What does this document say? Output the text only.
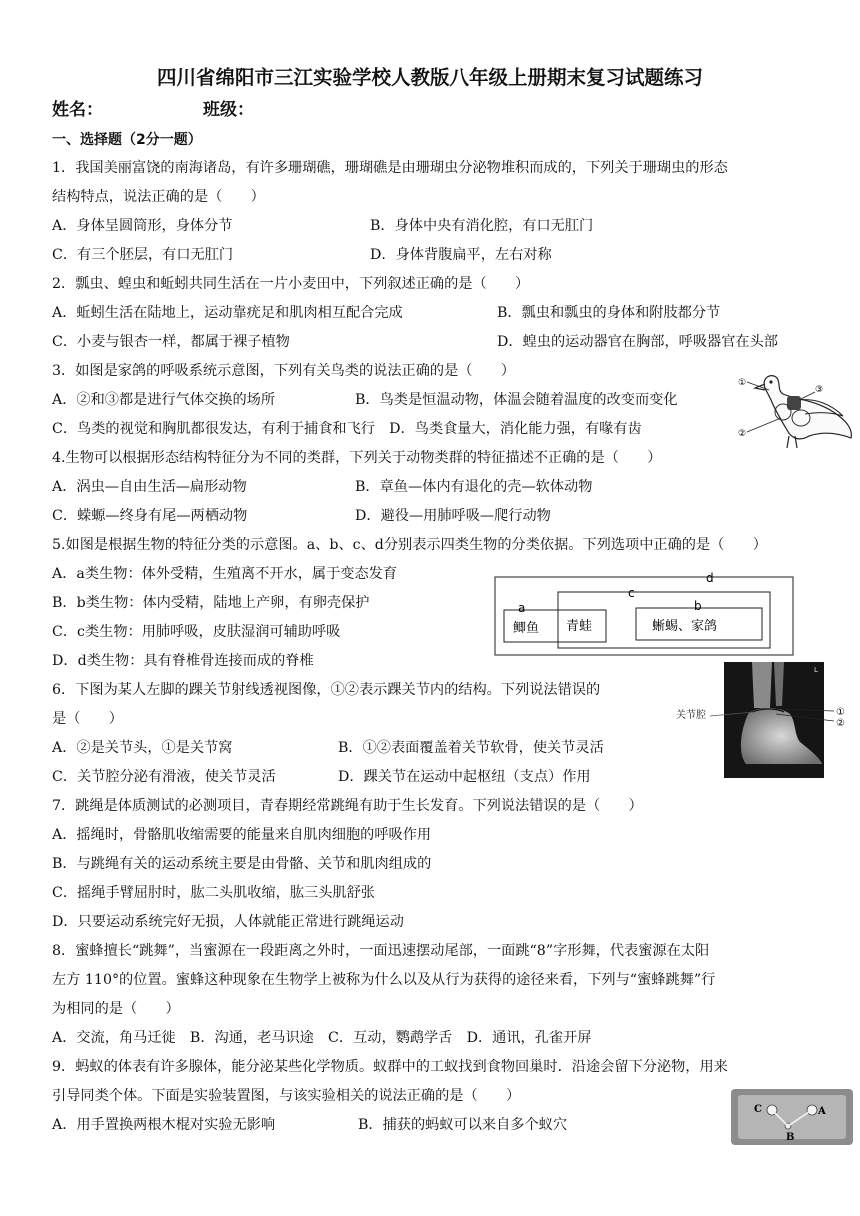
四川省绵阳市三江实验学校人教版八年级上册期末复习试题练习
姓名：	班级：
一、选择题（2分一题）
1．我国美丽富饶的南海诸岛，有许多珊瑚礁，珊瑚礁是由珊瑚虫分泌物堆积而成的，下列关于珊瑚虫的形态
结构特点，说法正确的是（　　）
A．身体呈圆筒形，身体分节	B．身体中央有消化腔，有口无肛门
C．有三个胚层，有口无肛门	D．身体背腹扁平，左右对称
2．瓢虫、蝗虫和蚯蚓共同生活在一片小麦田中，下列叙述正确的是（　　）
A．蚯蚓生活在陆地上，运动靠疣足和肌肉相互配合完成	B．瓢虫和瓢虫的身体和附肢都分节
C．小麦与银杏一样，都属于裸子植物	D．蝗虫的运动器官在胸部，呼吸器官在头部
3．如图是家鸽的呼吸系统示意图，下列有关鸟类的说法正确的是（　　）
A．②和③都是进行气体交换的场所	B．鸟类是恒温动物，体温会随着温度的改变而变化
C．鸟类的视觉和胸肌都很发达，有利于捕食和飞行　D．鸟类食量大，消化能力强，有喙有齿
①
②
③
4.生物可以根据形态结构特征分为不同的类群，下列关于动物类群的特征描述不正确的是（　　）
A．涡虫—自由生活—扁形动物	B．章鱼—体内有退化的壳—软体动物
C．蝾螈—终身有尾—两栖动物	D．避役—用肺呼吸—爬行动物
5.如图是根据生物的特征分类的示意图。a、b、c、d分别表示四类生物的分类依据。下列选项中正确的是（　　）
A．a类生物：体外受精，生殖离不开水，属于变态发育
B．b类生物：体内受精，陆地上产卵，有卵壳保护
C．c类生物：用肺呼吸，皮肤湿润可辅助呼吸
D．d类生物：具有脊椎骨连接而成的脊椎
d
c
a	b
鲫鱼 青蛙	蜥蜴、家鸽
6．下图为某人左脚的踝关节射线透视图像，①②表示踝关节内的结构。下列说法错误的
是（　　）
A．②是关节头，①是关节窝	B．①②表面覆盖着关节软骨，使关节灵活
C．关节腔分泌有滑液，使关节灵活	D．踝关节在运动中起枢纽（支点）作用
关节腔
L
①
②
7．跳绳是体质测试的必测项目，青春期经常跳绳有助于生长发育。下列说法错误的是（　　）
A．摇绳时，骨骼肌收缩需要的能量来自肌肉细胞的呼吸作用
B．与跳绳有关的运动系统主要是由骨骼、关节和肌肉组成的
C．摇绳手臂屈肘时，肱二头肌收缩，肱三头肌舒张
D．只要运动系统完好无损，人体就能正常进行跳绳运动
8．蜜蜂擅长“跳舞”，当蜜源在一段距离之外时，一面迅速摆动尾部，一面跳“8”字形舞，代表蜜源在太阳
左方 110°的位置。蜜蜂这种现象在生物学上被称为什么以及从行为获得的途径来看，下列与“蜜蜂跳舞”行
为相同的是（　　）
A．交流，角马迁徙　B．沟通，老马识途　C．互动，鹦鹉学舌　D．通讯，孔雀开屏
9．蚂蚁的体表有许多腺体，能分泌某些化学物质。蚁群中的工蚁找到食物回巢时．沿途会留下分泌物，用来
引导同类个体。下面是实验装置图，与该实验相关的说法正确的是（　　）
A．用手置换两根木棍对实验无影响	B．捕获的蚂蚁可以来自多个蚁穴
C	A
B
